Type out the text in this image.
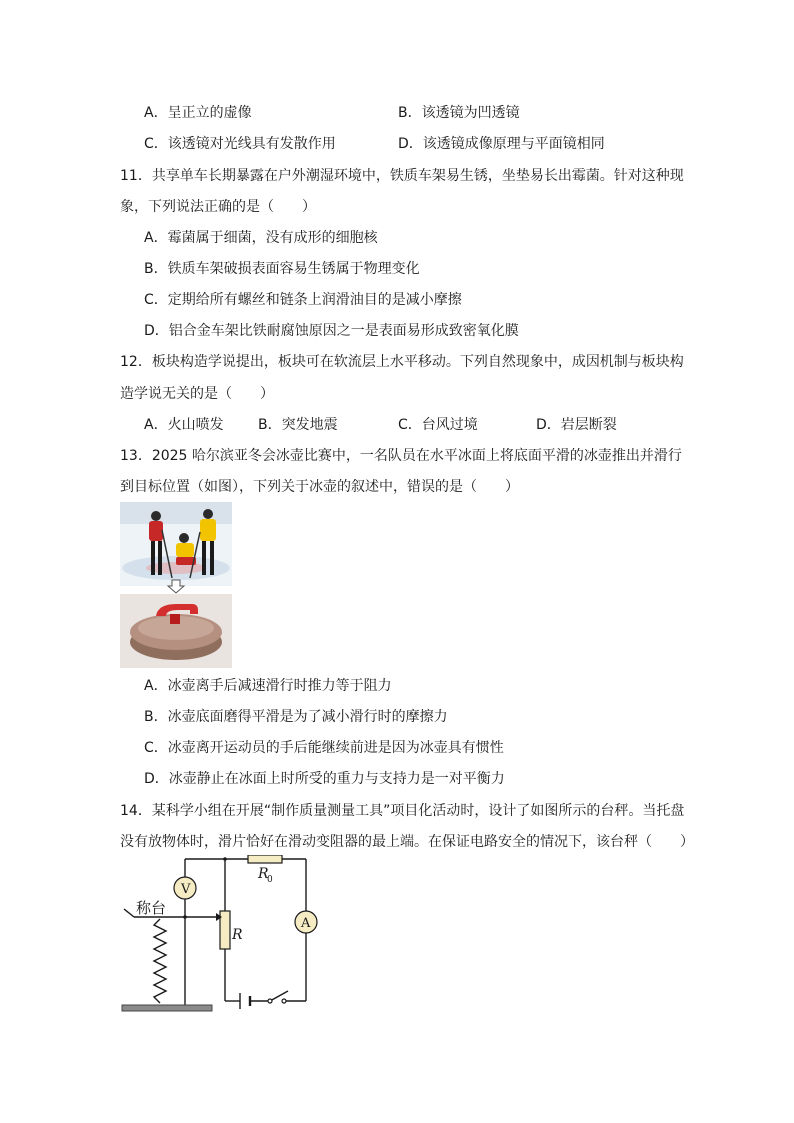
A．呈正立的虚像	B．该透镜为凹透镜
C．该透镜对光线具有发散作用	D．该透镜成像原理与平面镜相同
11．共享单车长期暴露在户外潮湿环境中，铁质车架易生锈，坐垫易长出霉菌。针对这种现
象，下列说法正确的是（　　）
A．霉菌属于细菌，没有成形的细胞核
B．铁质车架破损表面容易生锈属于物理变化
C．定期给所有螺丝和链条上润滑油目的是减小摩擦
D．铝合金车架比铁耐腐蚀原因之一是表面易形成致密氧化膜
12．板块构造学说提出，板块可在软流层上水平移动。下列自然现象中，成因机制与板块构
造学说无关的是（　　）
A．火山喷发 B．突发地震	C．台风过境	D．岩层断裂
13．2025 哈尔滨亚冬会冰壶比赛中，一名队员在水平冰面上将底面平滑的冰壶推出并滑行
到目标位置（如图），下列关于冰壶的叙述中，错误的是（　　）
A．冰壶离手后减速滑行时推力等于阻力
B．冰壶底面磨得平滑是为了减小滑行时的摩擦力
C．冰壶离开运动员的手后能继续前进是因为冰壶具有惯性
D．冰壶静止在冰面上时所受的重力与支持力是一对平衡力
14．某科学小组在开展“制作质量测量工具”项目化活动时，设计了如图所示的台秤。当托盘
没有放物体时，滑片恰好在滑动变阻器的最上端。在保证电路安全的情况下，该台秤（　　）
V
A
R
0
R
称台
